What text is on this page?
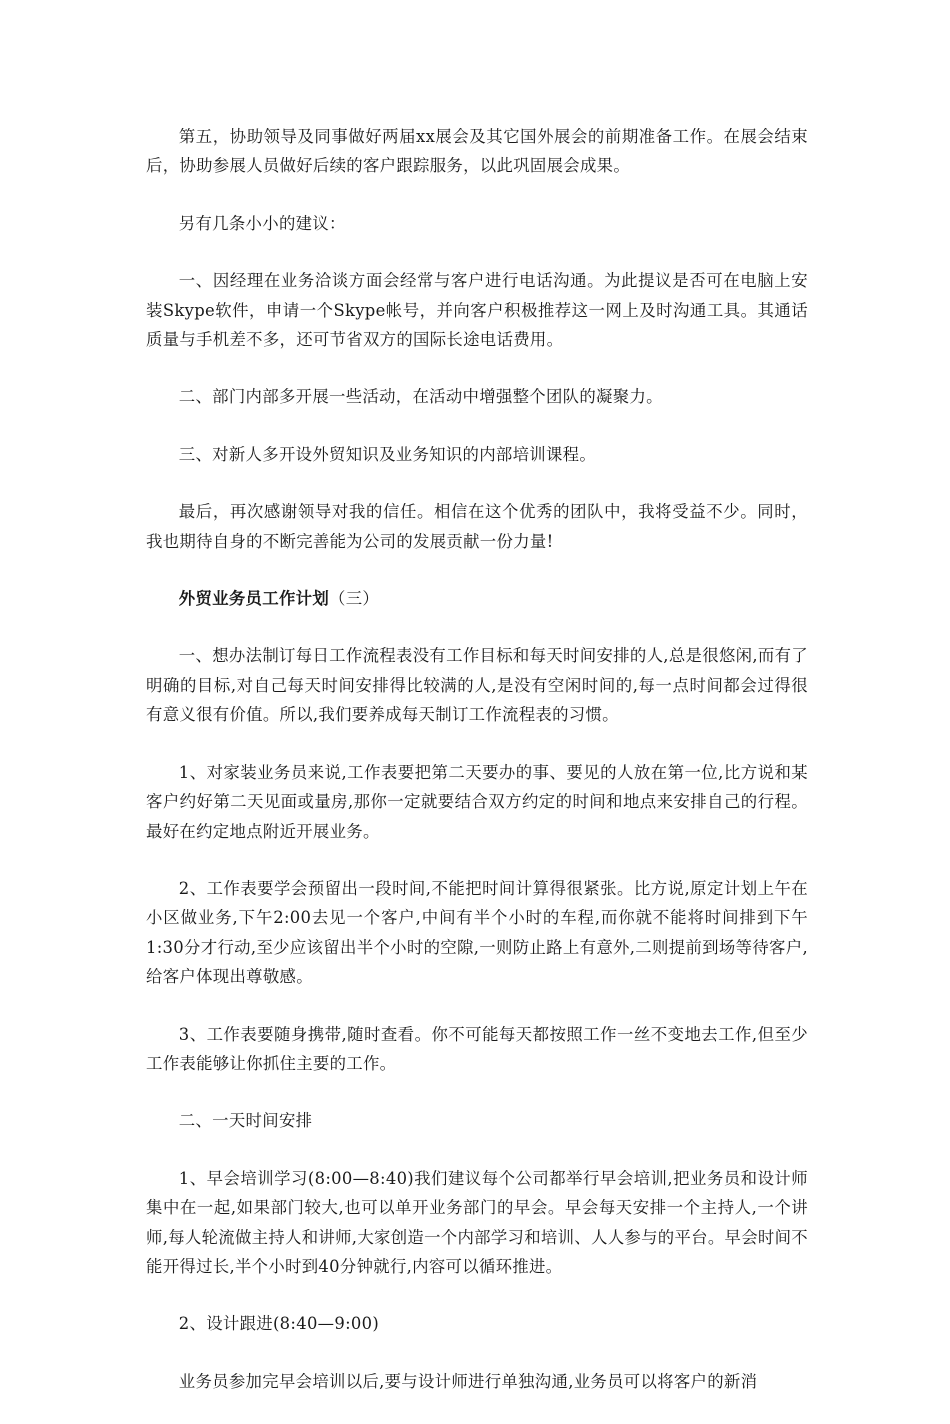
第五，协助领导及同事做好两届xx展会及其它国外展会的前期准备工作。在展会结束后，协助参展人员做好后续的客户跟踪服务，以此巩固展会成果。

另有几条小小的建议：

一、因经理在业务洽谈方面会经常与客户进行电话沟通。为此提议是否可在电脑上安装Skype软件，申请一个Skype帐号，并向客户积极推荐这一网上及时沟通工具。其通话质量与手机差不多，还可节省双方的国际长途电话费用。

二、部门内部多开展一些活动，在活动中增强整个团队的凝聚力。

三、对新人多开设外贸知识及业务知识的内部培训课程。

最后，再次感谢领导对我的信任。相信在这个优秀的团队中，我将受益不少。同时，我也期待自身的不断完善能为公司的发展贡献一份力量!

外贸业务员工作计划（三）

一、想办法制订每日工作流程表没有工作目标和每天时间安排的人,总是很悠闲,而有了明确的目标,对自己每天时间安排得比较满的人,是没有空闲时间的,每一点时间都会过得很有意义很有价值。所以,我们要养成每天制订工作流程表的习惯。

1、对家装业务员来说,工作表要把第二天要办的事、要见的人放在第一位,比方说和某客户约好第二天见面或量房,那你一定就要结合双方约定的时间和地点来安排自己的行程。最好在约定地点附近开展业务。

2、工作表要学会预留出一段时间,不能把时间计算得很紧张。比方说,原定计划上午在小区做业务,下午2:00去见一个客户,中间有半个小时的车程,而你就不能将时间排到下午1:30分才行动,至少应该留出半个小时的空隙,一则防止路上有意外,二则提前到场等待客户,给客户体现出尊敬感。

3、工作表要随身携带,随时查看。你不可能每天都按照工作一丝不变地去工作,但至少工作表能够让你抓住主要的工作。

二、一天时间安排

1、早会培训学习(8:00—8:40)我们建议每个公司都举行早会培训,把业务员和设计师集中在一起,如果部门较大,也可以单开业务部门的早会。早会每天安排一个主持人,一个讲师,每人轮流做主持人和讲师,大家创造一个内部学习和培训、人人参与的平台。早会时间不能开得过长,半个小时到40分钟就行,内容可以循环推进。

2、设计跟进(8:40—9:00)

业务员参加完早会培训以后,要与设计师进行单独沟通,业务员可以将客户的新消
